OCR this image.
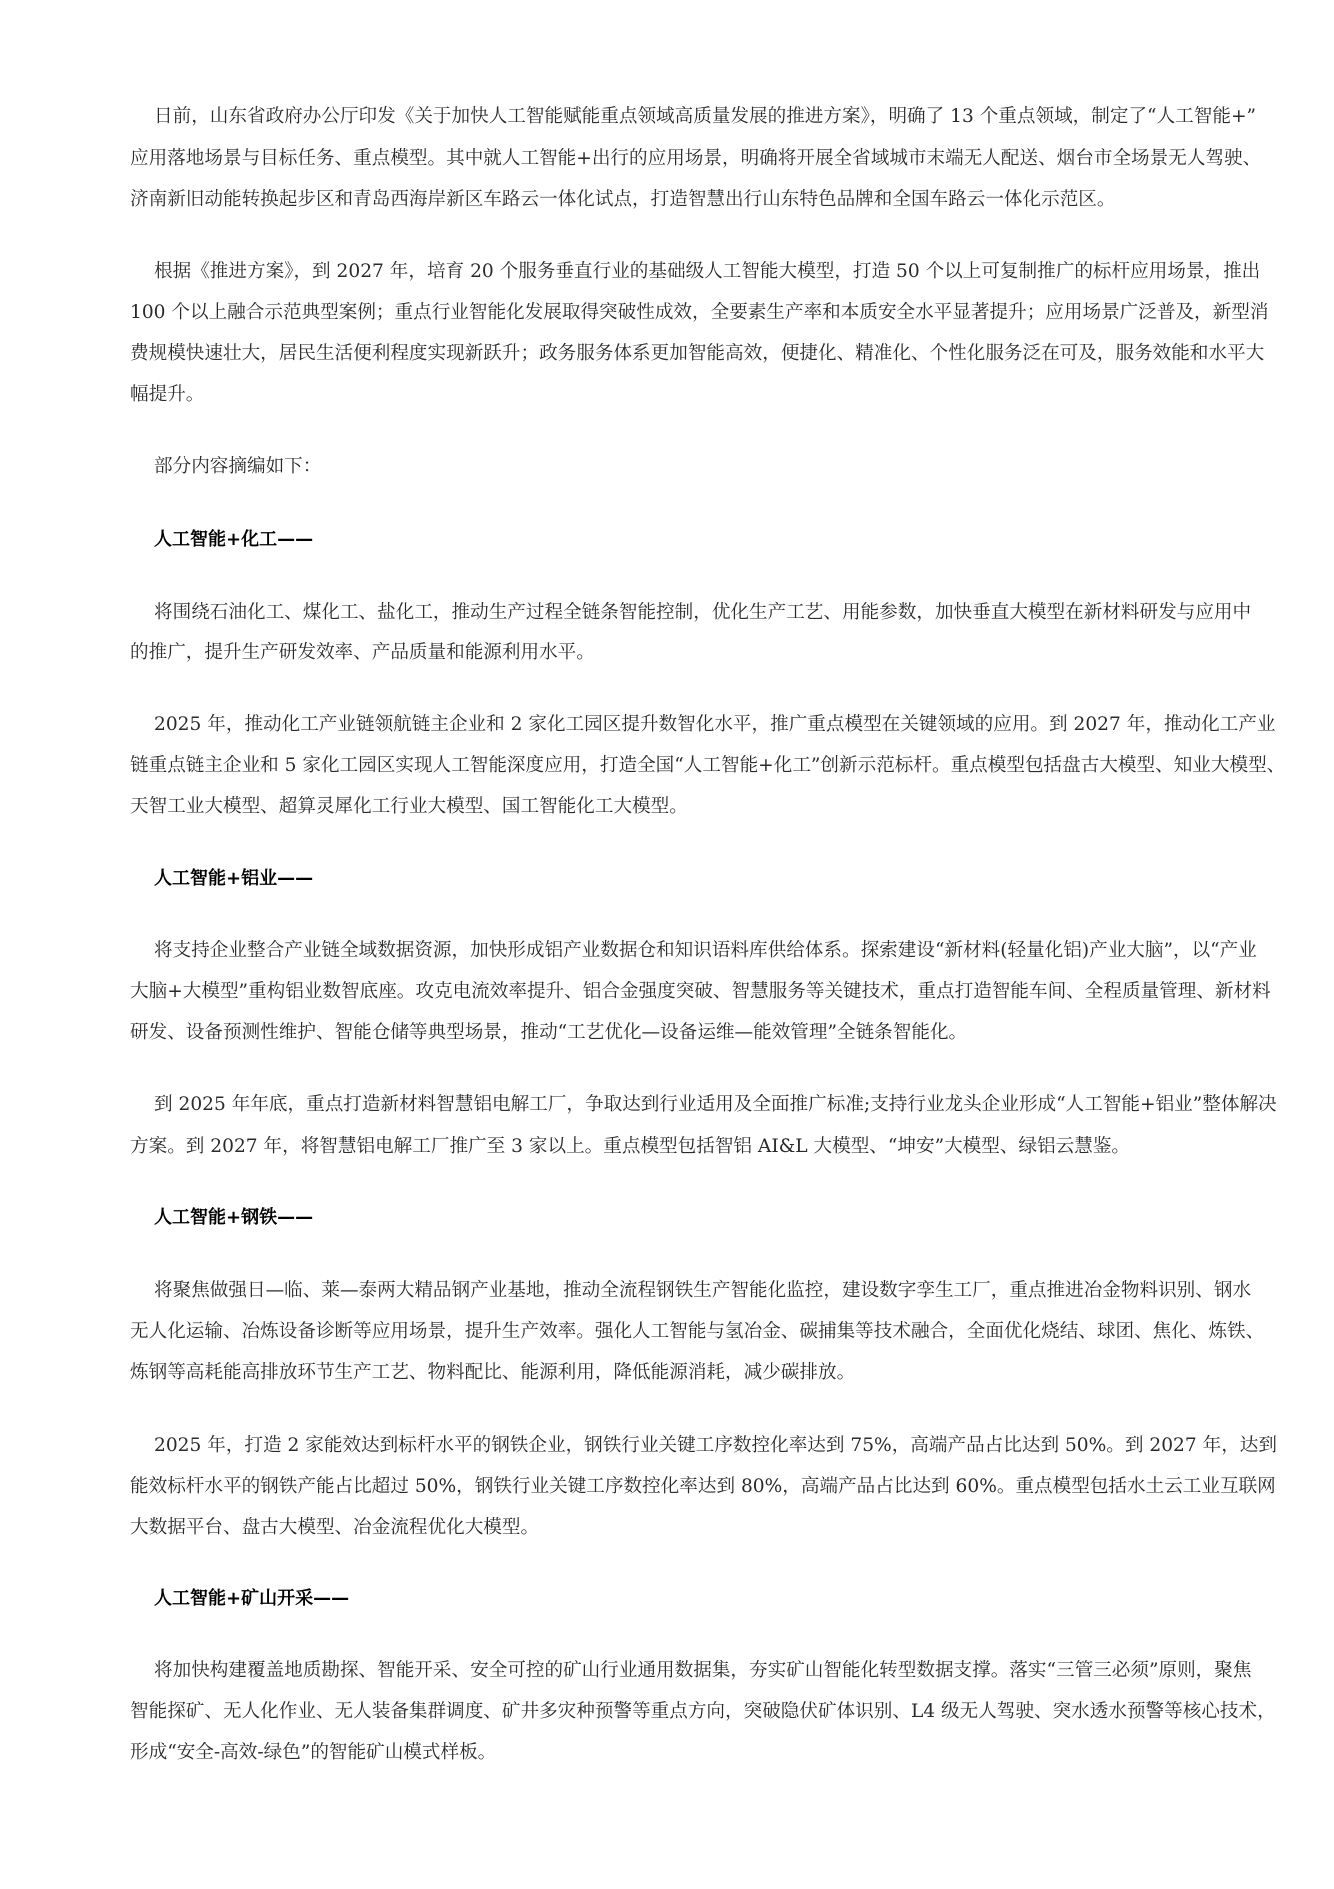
日前，山东省政府办公厅印发《关于加快人工智能赋能重点领域高质量发展的推进方案》，明确了 13 个重点领域，制定了“人工智能+”
应用落地场景与目标任务、重点模型。其中就人工智能+出行的应用场景，明确将开展全省域城市末端无人配送、烟台市全场景无人驾驶、
济南新旧动能转换起步区和青岛西海岸新区车路云一体化试点，打造智慧出行山东特色品牌和全国车路云一体化示范区。
根据《推进方案》，到 2027 年，培育 20 个服务垂直行业的基础级人工智能大模型，打造 50 个以上可复制推广的标杆应用场景，推出
100 个以上融合示范典型案例；重点行业智能化发展取得突破性成效，全要素生产率和本质安全水平显著提升；应用场景广泛普及，新型消
费规模快速壮大，居民生活便利程度实现新跃升；政务服务体系更加智能高效，便捷化、精准化、个性化服务泛在可及，服务效能和水平大
幅提升。
部分内容摘编如下：
人工智能+化工——
将围绕石油化工、煤化工、盐化工，推动生产过程全链条智能控制，优化生产工艺、用能参数，加快垂直大模型在新材料研发与应用中
的推广，提升生产研发效率、产品质量和能源利用水平。
2025 年，推动化工产业链领航链主企业和 2 家化工园区提升数智化水平，推广重点模型在关键领域的应用。到 2027 年，推动化工产业
链重点链主企业和 5 家化工园区实现人工智能深度应用，打造全国“人工智能+化工”创新示范标杆。重点模型包括盘古大模型、知业大模型、
天智工业大模型、超算灵犀化工行业大模型、国工智能化工大模型。
人工智能+铝业——
将支持企业整合产业链全域数据资源，加快形成铝产业数据仓和知识语料库供给体系。探索建设“新材料(轻量化铝)产业大脑”，以“产业
大脑+大模型”重构铝业数智底座。攻克电流效率提升、铝合金强度突破、智慧服务等关键技术，重点打造智能车间、全程质量管理、新材料
研发、设备预测性维护、智能仓储等典型场景，推动“工艺优化—设备运维—能效管理”全链条智能化。
到 2025 年年底，重点打造新材料智慧铝电解工厂，争取达到行业适用及全面推广标准;支持行业龙头企业形成“人工智能+铝业”整体解决
方案。到 2027 年，将智慧铝电解工厂推广至 3 家以上。重点模型包括智铝 AI&L 大模型、“坤安”大模型、绿铝云慧鉴。
人工智能+钢铁——
将聚焦做强日—临、莱—泰两大精品钢产业基地，推动全流程钢铁生产智能化监控，建设数字孪生工厂，重点推进冶金物料识别、钢水
无人化运输、冶炼设备诊断等应用场景，提升生产效率。强化人工智能与氢冶金、碳捕集等技术融合，全面优化烧结、球团、焦化、炼铁、
炼钢等高耗能高排放环节生产工艺、物料配比、能源利用，降低能源消耗，减少碳排放。
2025 年，打造 2 家能效达到标杆水平的钢铁企业，钢铁行业关键工序数控化率达到 75%，高端产品占比达到 50%。到 2027 年，达到
能效标杆水平的钢铁产能占比超过 50%，钢铁行业关键工序数控化率达到 80%，高端产品占比达到 60%。重点模型包括水土云工业互联网
大数据平台、盘古大模型、冶金流程优化大模型。
人工智能+矿山开采——
将加快构建覆盖地质勘探、智能开采、安全可控的矿山行业通用数据集，夯实矿山智能化转型数据支撑。落实“三管三必须”原则，聚焦
智能探矿、无人化作业、无人装备集群调度、矿井多灾种预警等重点方向，突破隐伏矿体识别、L4 级无人驾驶、突水透水预警等核心技术，
形成“安全-高效-绿色”的智能矿山模式样板。
